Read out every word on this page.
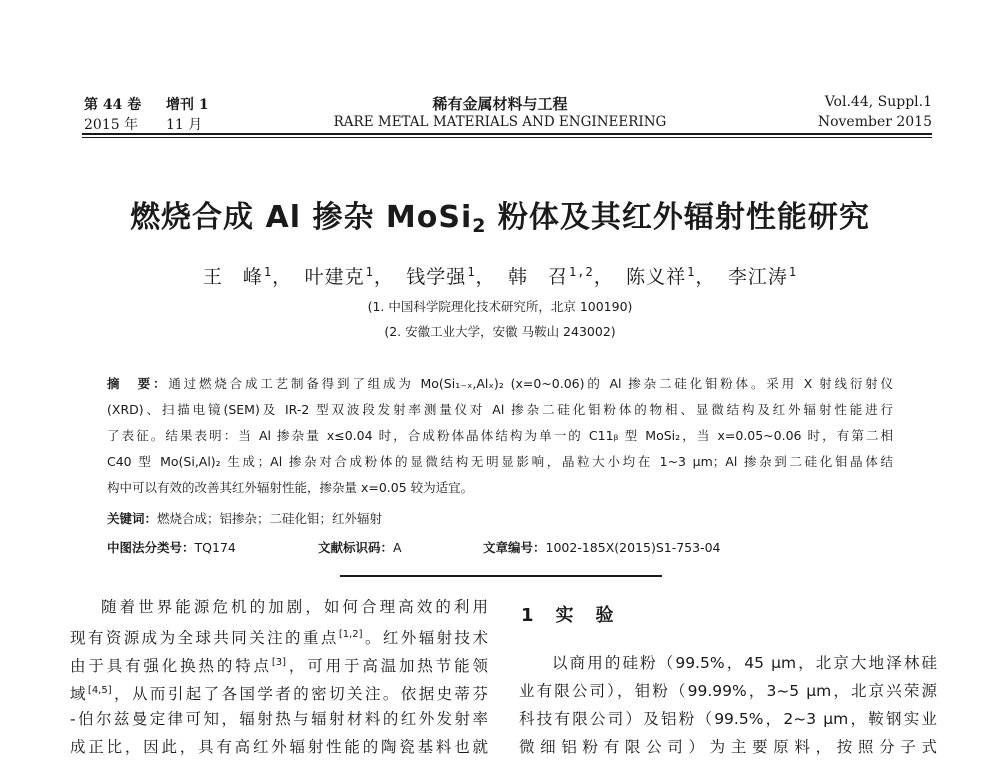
第 44 卷 增刊 1
2015 年 11 月
稀有金属材料与工程
RARE METAL MATERIALS AND ENGINEERING
Vol.44, Suppl.1
November 2015
燃烧合成 Al 掺杂 MoSi$_2$ 粉体及其红外辐射性能研究
王　峰$^1$， 叶建克$^1$， 钱学强$^1$， 韩　召$^{1,2}$， 陈义祥$^1$， 李江涛$^1$
(1. 中国科学院理化技术研究所，北京 100190)
(2. 安徽工业大学，安徽 马鞍山 243002)
摘　要：通过燃烧合成工艺制备得到了组成为 Mo(Si₁₋ₓ,Alₓ)₂ (x=0~0.06)的 Al 掺杂二硅化钼粉体。采用 X 射线衍射仪
(XRD)、扫描电镜(SEM)及 IR-2 型双波段发射率测量仪对 Al 掺杂二硅化钼粉体的物相、显微结构及红外辐射性能进行
了表征。结果表明：当 Al 掺杂量 x≤0.04 时，合成粉体晶体结构为单一的 C11ᵦ 型 MoSi₂，当 x=0.05~0.06 时，有第二相
C40 型 Mo(Si,Al)₂ 生成；Al 掺杂对合成粉体的显微结构无明显影响，晶粒大小均在 1~3 μm；Al 掺杂到二硅化钼晶体结
构中可以有效的改善其红外辐射性能，掺杂量 x=0.05 较为适宜。
关键词：燃烧合成；铝掺杂；二硅化钼；红外辐射
中图法分类号：TQ174	文献标识码：A	文章编号：1002-185X(2015)S1-753-04
随着世界能源危机的加剧，如何合理高效的利用
现有资源成为全球共同关注的重点[1,2]。红外辐射技术
由于具有强化换热的特点[3]，可用于高温加热节能领
域[4,5]，从而引起了各国学者的密切关注。依据史蒂芬
-伯尔兹曼定律可知，辐射热与辐射材料的红外发射率
成正比，因此，具有高红外辐射性能的陶瓷基料也就
1　 实　验
以商用的硅粉（99.5%，45 μm，北京大地泽林硅
业有限公司），钼粉（99.99%，3~5 μm，北京兴荣源
科技有限公司）及铝粉（99.5%，2~3 μm，鞍钢实业
微细铝粉有限公司）为主要原料，按照分子式
